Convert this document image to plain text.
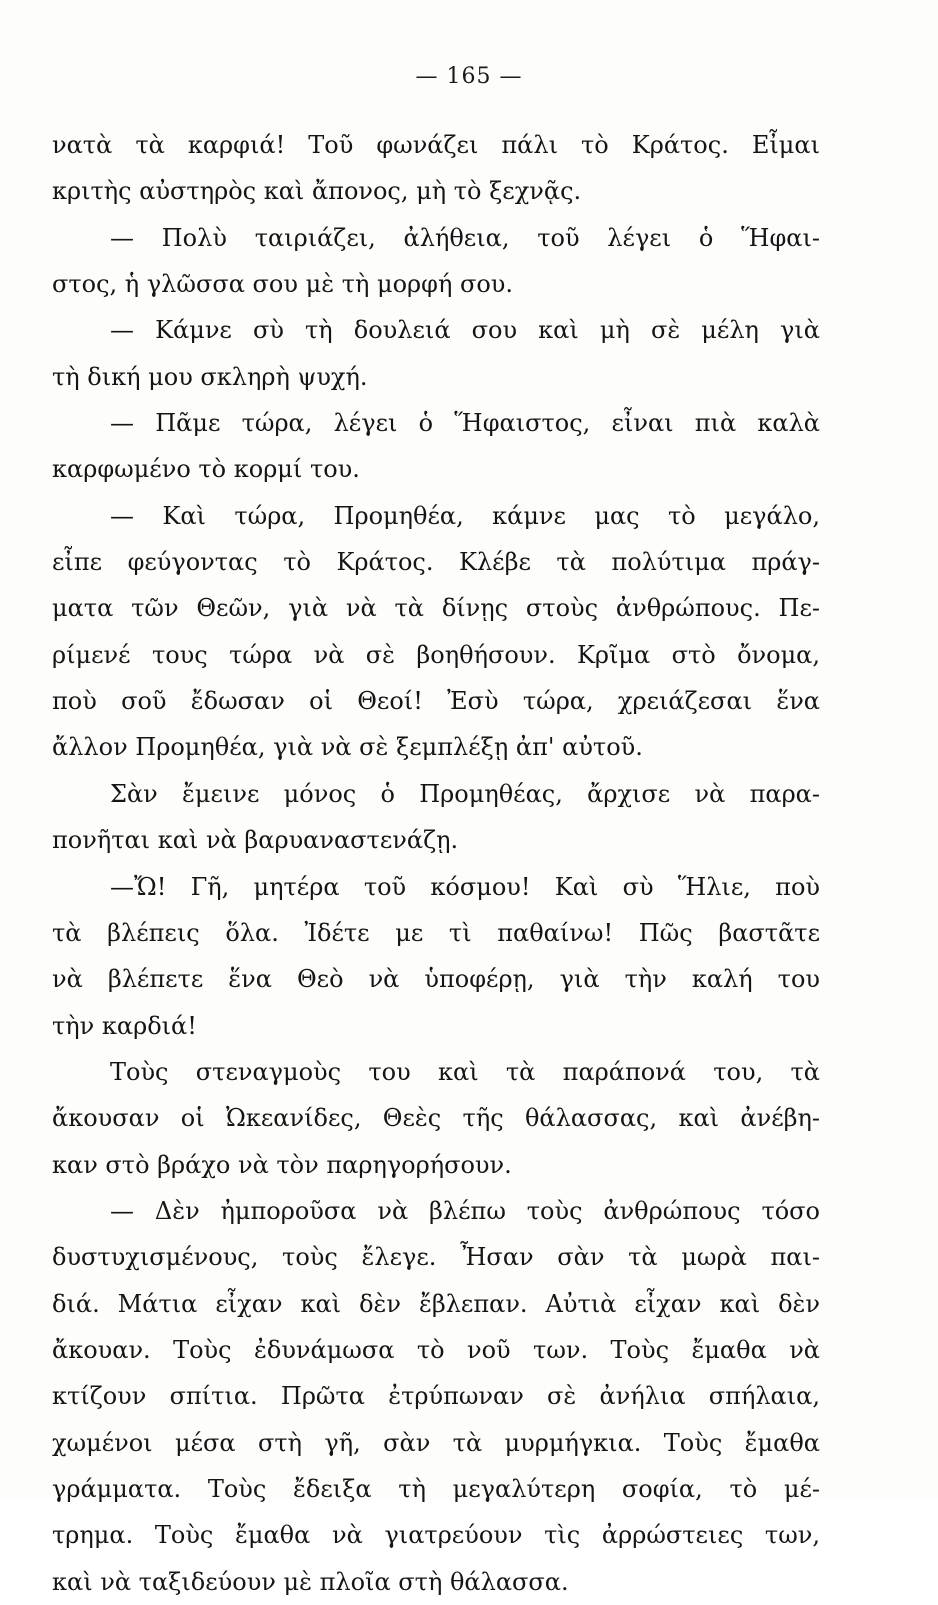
— 165 —
νατὰ τὰ καρφιά! Τοῦ φωνάζει πάλι τὸ Κράτος. Εἶμαι
κριτὴς αὐστηρὸς καὶ ἄπονος, μὴ τὸ ξεχνᾷς.
— Πολὺ ταιριάζει, ἀλήθεια, τοῦ λέγει ὁ Ἥφαι-
στος, ἡ γλῶσσα σου μὲ τὴ μορφή σου.
— Κάμνε σὺ τὴ δουλειά σου καὶ μὴ σὲ μέλη γιὰ
τὴ δική μου σκληρὴ ψυχή.
— Πᾶμε τώρα, λέγει ὁ Ἥφαιστος, εἶναι πιὰ καλὰ
καρφωμένο τὸ κορμί του.
— Καὶ τώρα, Προμηθέα, κάμνε μας τὸ μεγάλο,
εἶπε φεύγοντας τὸ Κράτος. Κλέβε τὰ πολύτιμα πράγ-
ματα τῶν Θεῶν, γιὰ νὰ τὰ δίνῃς στοὺς ἀνθρώπους. Πε-
ρίμενέ τους τώρα νὰ σὲ βοηθήσουν. Κρῖμα στὸ ὄνομα,
ποὺ σοῦ ἔδωσαν οἱ Θεοί! Ἐσὺ τώρα, χρειάζεσαι ἕνα
ἄλλον Προμηθέα, γιὰ νὰ σὲ ξεμπλέξῃ ἀπ' αὐτοῦ.
Σὰν ἔμεινε μόνος ὁ Προμηθέας, ἄρχισε νὰ παρα-
πονῆται καὶ νὰ βαρυαναστενάζῃ.
—Ὤ! Γῆ, μητέρα τοῦ κόσμου! Καὶ σὺ Ἥλιε, ποὺ
τὰ βλέπεις ὅλα. Ἰδέτε με τὶ παθαίνω! Πῶς βαστᾶτε
νὰ βλέπετε ἕνα Θεὸ νὰ ὑποφέρῃ, γιὰ τὴν καλή του
τὴν καρδιά!
Τοὺς στεναγμοὺς του καὶ τὰ παράπονά του, τὰ
ἄκουσαν οἱ Ὠκεανίδες, Θεὲς τῆς θάλασσας, καὶ ἀνέβη-
καν στὸ βράχο νὰ τὸν παρηγορήσουν.
— Δὲν ἠμποροῦσα νὰ βλέπω τοὺς ἀνθρώπους τόσο
δυστυχισμένους, τοὺς ἔλεγε. Ἦσαν σὰν τὰ μωρὰ παι-
διά. Μάτια εἶχαν καὶ δὲν ἔβλεπαν. Αὐτιὰ εἶχαν καὶ δὲν
ἄκουαν. Τοὺς ἐδυνάμωσα τὸ νοῦ των. Τοὺς ἔμαθα νὰ
κτίζουν σπίτια. Πρῶτα ἐτρύπωναν σὲ ἀνήλια σπήλαια,
χωμένοι μέσα στὴ γῆ, σὰν τὰ μυρμήγκια. Τοὺς ἔμαθα
γράμματα. Τοὺς ἔδειξα τὴ μεγαλύτερη σοφία, τὸ μέ-
τρημα. Τοὺς ἔμαθα νὰ γιατρεύουν τὶς ἀρρώστειες των,
καὶ νὰ ταξιδεύουν μὲ πλοῖα στὴ θάλασσα.
